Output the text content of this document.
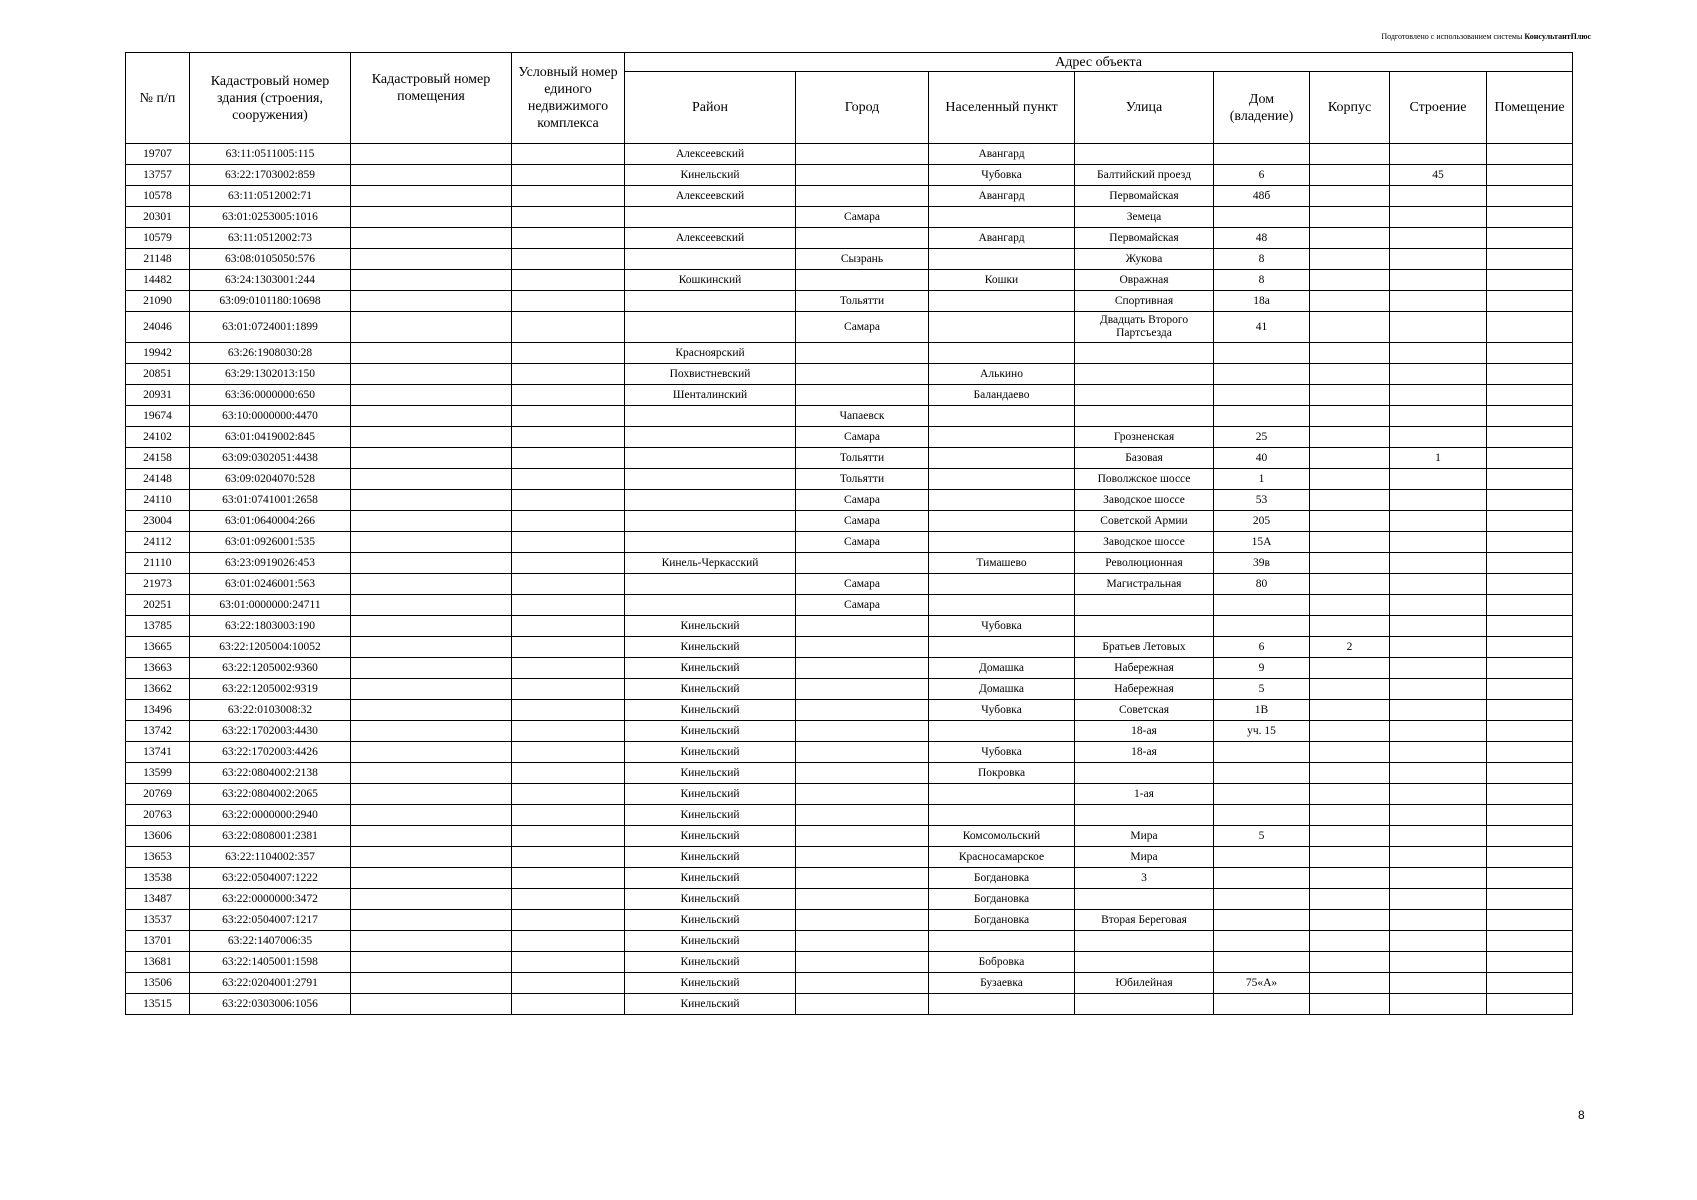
Подготовлено с использованием системы КонсультантПлюс
№ п/п	Кадастровый номер здания (строения, сооружения)	Кадастровый номер помещения	Условный номер единого недвижимого комплекса	Адрес объекта							
				Район	Город	Населенный пункт	Улица	Дом (владение)	Корпус	Строение	Помещение
19707	63:11:0511005:115			Алексеевский		Авангард					
13757	63:22:1703002:859			Кинельский		Чубовка	Балтийский проезд	6		45	
10578	63:11:0512002:71			Алексеевский		Авангард	Первомайская	48б			
20301	63:01:0253005:1016				Самара		Земеца				
10579	63:11:0512002:73			Алексеевский		Авангард	Первомайская	48			
21148	63:08:0105050:576				Сызрань		Жукова	8			
14482	63:24:1303001:244			Кошкинский		Кошки	Овражная	8			
21090	63:09:0101180:10698				Тольятти		Спортивная	18а			
24046	63:01:0724001:1899				Самара		Двадцать Второго Партсъезда	41			
19942	63:26:1908030:28			Красноярский							
20851	63:29:1302013:150			Похвистневский		Алькино					
20931	63:36:0000000:650			Шенталинский		Баландаево					
19674	63:10:0000000:4470				Чапаевск						
24102	63:01:0419002:845				Самара		Грозненская	25			
24158	63:09:0302051:4438				Тольятти		Базовая	40		1	
24148	63:09:0204070:528				Тольятти		Поволжское шоссе	1			
24110	63:01:0741001:2658				Самара		Заводское шоссе	53			
23004	63:01:0640004:266				Самара		Советской Армии	205			
24112	63:01:0926001:535				Самара		Заводское шоссе	15А			
21110	63:23:0919026:453			Кинель-Черкасский		Тимашево	Революционная	39в			
21973	63:01:0246001:563				Самара		Магистральная	80			
20251	63:01:0000000:24711				Самара						
13785	63:22:1803003:190			Кинельский		Чубовка					
13665	63:22:1205004:10052			Кинельский			Братьев Летовых	6	2		
13663	63:22:1205002:9360			Кинельский		Домашка	Набережная	9			
13662	63:22:1205002:9319			Кинельский		Домашка	Набережная	5			
13496	63:22:0103008:32			Кинельский		Чубовка	Советская	1В			
13742	63:22:1702003:4430			Кинельский			18-ая	уч. 15			
13741	63:22:1702003:4426			Кинельский		Чубовка	18-ая				
13599	63:22:0804002:2138			Кинельский		Покровка					
20769	63:22:0804002:2065			Кинельский			1-ая				
20763	63:22:0000000:2940			Кинельский							
13606	63:22:0808001:2381			Кинельский		Комсомольский	Мира	5			
13653	63:22:1104002:357			Кинельский		Красносамарское	Мира				
13538	63:22:0504007:1222			Кинельский		Богдановка	3				
13487	63:22:0000000:3472			Кинельский		Богдановка					
13537	63:22:0504007:1217			Кинельский		Богдановка	Вторая Береговая				
13701	63:22:1407006:35			Кинельский							
13681	63:22:1405001:1598			Кинельский		Бобровка					
13506	63:22:0204001:2791			Кинельский		Бузаевка	Юбилейная	75«А»			
13515	63:22:0303006:1056			Кинельский							
8
